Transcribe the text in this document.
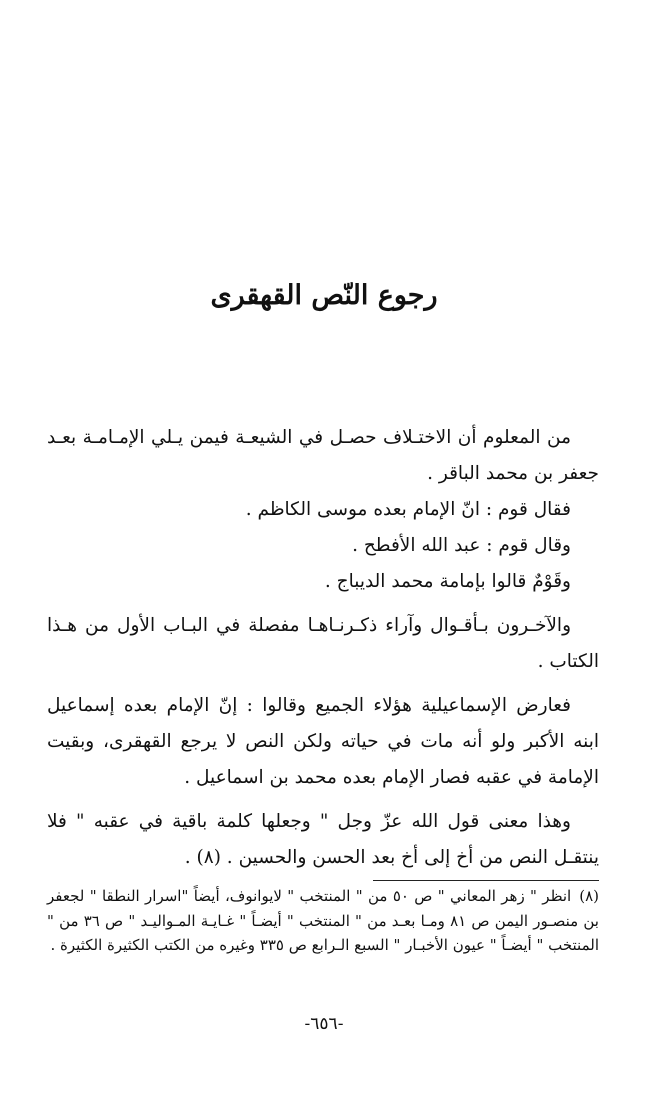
رجوع النّص القهقرى

من المعلوم أن الاختـلاف حصـل في الشيعـة فيمن يـلي الإمـامـة بعـد جعفر بن محمد الباقر .

فقال قوم : انّ الإمام بعده موسى الكاظم .

وقال قوم : عبد الله الأفطح .

وقَوْمٌ قالوا بإمامة محمد الديباج .

والآخـرون بـأقـوال وآراء ذكـرنـاهـا مفصلة في البـاب الأول من هـذا الكتاب .

فعارض الإسماعيلية هؤلاء الجميع وقالوا : إنّ الإمام بعده إسماعيل ابنه الأكبر ولو أنه مات في حياته ولكن النص لا يرجع القهقرى، وبقيت الإمامة في عقبه فصار الإمام بعده محمد بن اسماعيل .

وهذا معنى قول الله عزّ وجل " وجعلها كلمة باقية في عقبه " فلا ينتقـل النص من أخ إلى أخ بعد الحسن والحسين . (٨) .

(٨)انظر " زهر المعاني " ص ٥٠ من " المنتخب " لايوانوف، أيضاً "اسرار النطقا " لجعفر بن منصـور اليمن ص ٨١ ومـا بعـد من " المنتخب " أيضـاً " غـايـة المـواليـد " ص ٣٦ من " المنتخب " أيضـاً " عيون الأخبـار " السبع الـرابع ص ٣٣٥ وغيره من الكتب الكثيرة الكثيرة .

-٦٥٦-
